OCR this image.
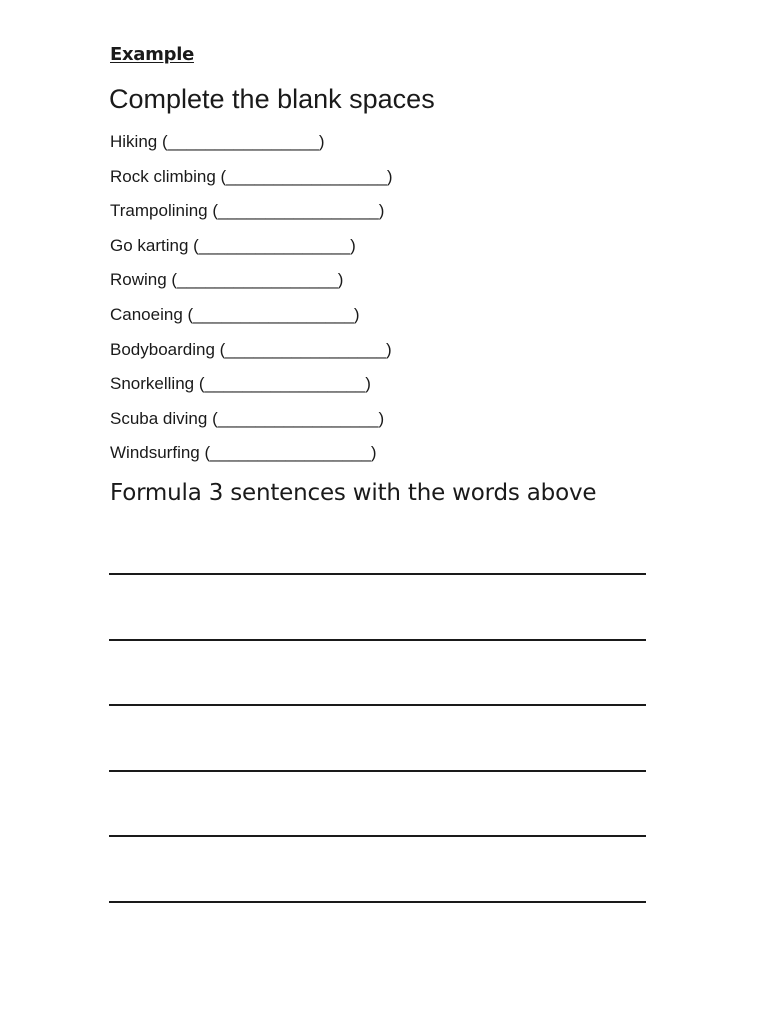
Example
Complete the blank spaces
Hiking (________________)
Rock climbing (_________________)
Trampolining (_________________)
Go karting (________________)
Rowing (_________________)
Canoeing (_________________)
Bodyboarding (_________________)
Snorkelling (_________________)
Scuba diving (_________________)
Windsurfing (_________________)
Formula 3 sentences with the words above
